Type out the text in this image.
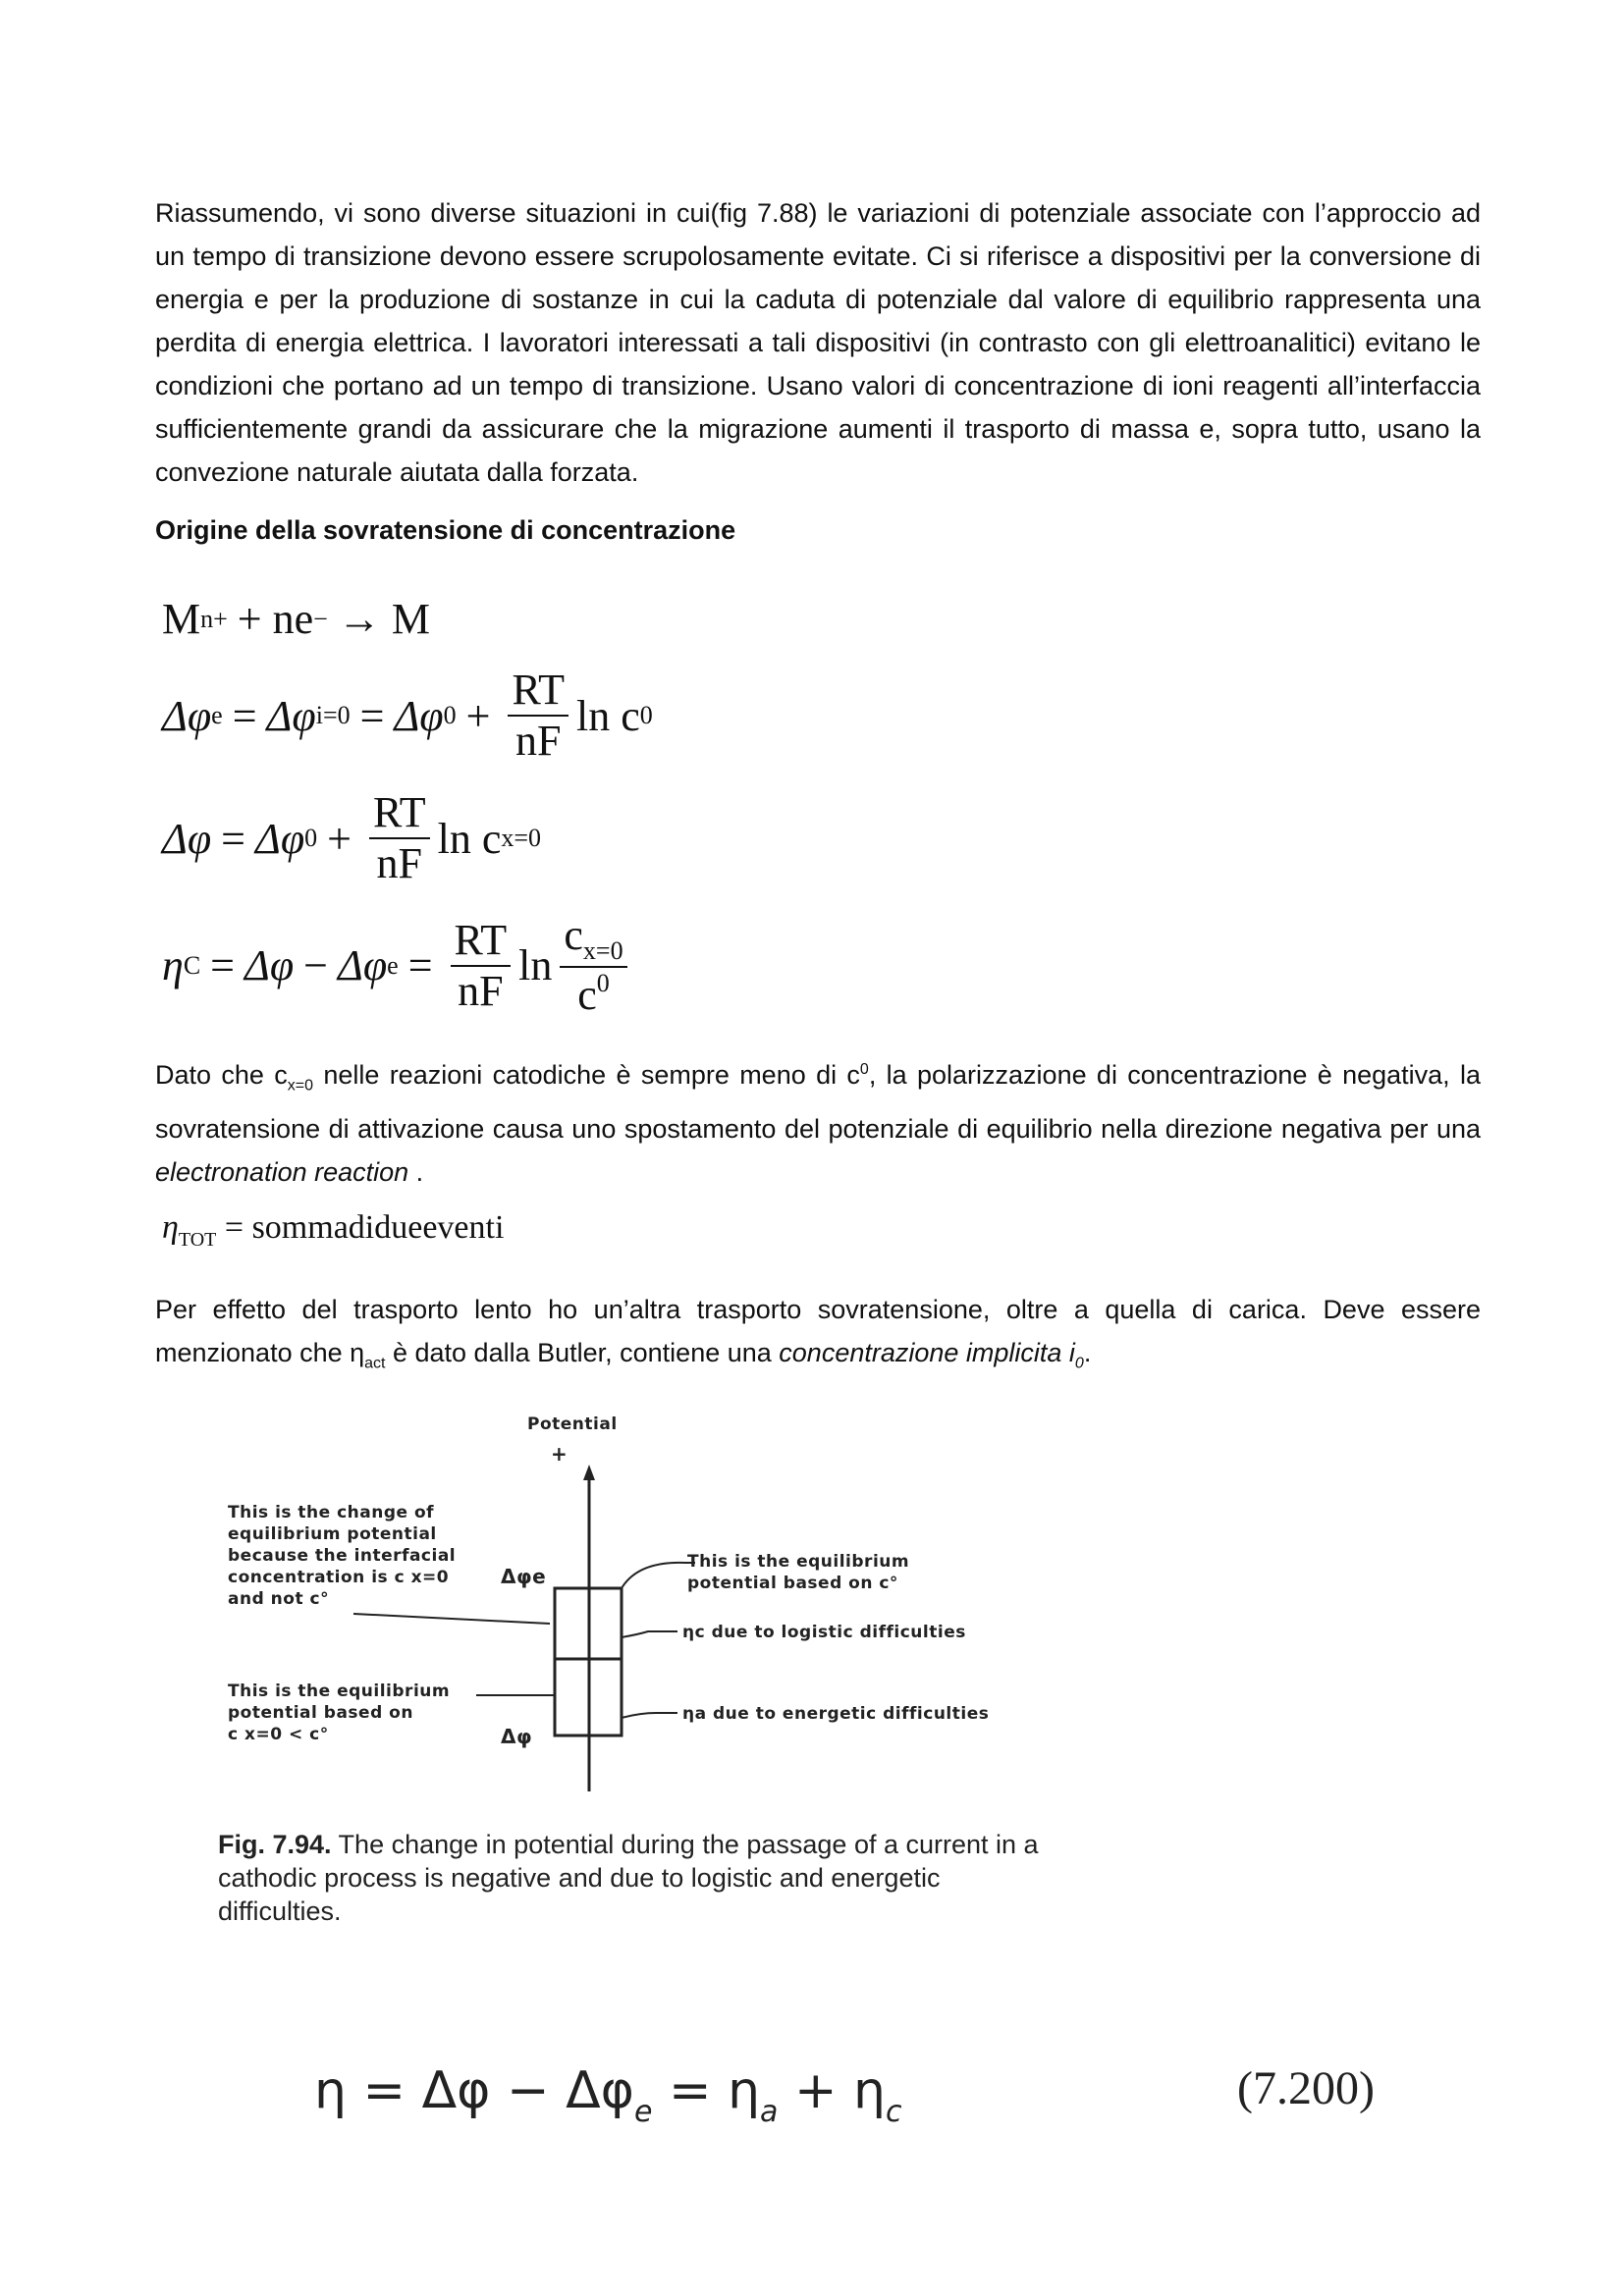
Riassumendo, vi sono diverse situazioni in cui(fig 7.88) le variazioni di potenziale associate con l’approccio ad un tempo di transizione devono essere scrupolosamente evitate. Ci si riferisce a dispositivi per la conversione di energia e per la produzione di sostanze in cui la caduta di potenziale dal valore di equilibrio rappresenta una perdita di energia elettrica. I lavoratori interessati a tali dispositivi (in contrasto con gli elettroanalitici) evitano le condizioni che portano ad un tempo di transizione. Usano valori di concentrazione di ioni reagenti all’interfaccia sufficientemente grandi da assicurare che la migrazione aumenti il trasporto di massa e, sopra tutto, usano la convezione naturale aiutata dalla forzata.

Origine della sovratensione di concentrazione

M n+ + ne − → M
Δφ e = Δφ i=0 = Δφ $0 + \frac{RT}{nF}$ ln c 0
Δφ = Δφ $0 + \frac{RT}{nF}$ ln c x=0
η C = Δφ − Δφ $e = \frac{RT}{nF}$ $\ln \frac{c_{x=0}}{c^0}$

Dato che $c_{x=0}$ nelle reazioni catodiche è sempre meno di $c^0$, la polarizzazione di concentrazione è negativa, la sovratensione di attivazione causa uno spostamento del potenziale di equilibrio nella direzione negativa per una electronation reaction .

$\eta_{TOT}$ = sommadidueeventi

Per effetto del trasporto lento ho un’altra trasporto sovratensione, oltre a quella di carica. Deve essere menzionato che $\eta_{act}$ è dato dalla Butler, contiene una concentrazione implicita $i_0$.

Potential

+

This is the change of
equilibrium potential
because the interfacial
concentration is c x=0
and not c°

This is the equilibrium
potential based on
c x=0 < c°

Δφe

Δφ

This is the equilibrium
potential based on c°

ηc due to logistic difficulties

ηa due to energetic difficulties

Fig. 7.94. The change in potential during the passage of a current in a cathodic process is negative and due to logistic and energetic difficulties.

$\eta = \Delta\varphi - \Delta\varphi_e = \eta_a + \eta_c$	(7.200)
